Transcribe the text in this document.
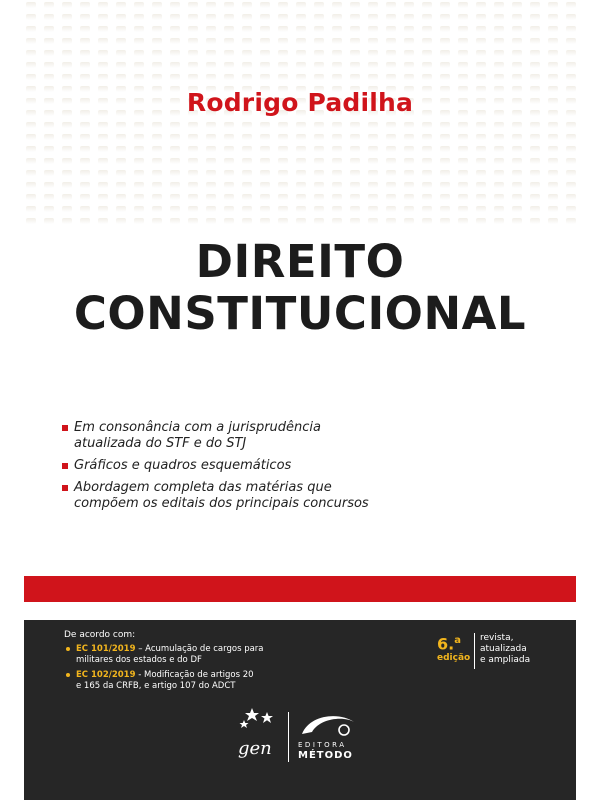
Rodrigo Padilha
DIREITO
CONSTITUCIONAL
Em consonância com a jurisprudência
atualizada do STF e do STJ
Gráficos e quadros esquemáticos
Abordagem completa das matérias que
compõem os editais dos principais concursos
De acordo com:
EC 101/2019 – Acumulação de cargos para
militares dos estados e do DF
EC 102/2019 - Modificação de artigos 20
e 165 da CRFB, e artigo 107 do ADCT
6.$^a$
edição
revista,
atualizada
e ampliada
gen	EDITORA
MÉTODO
